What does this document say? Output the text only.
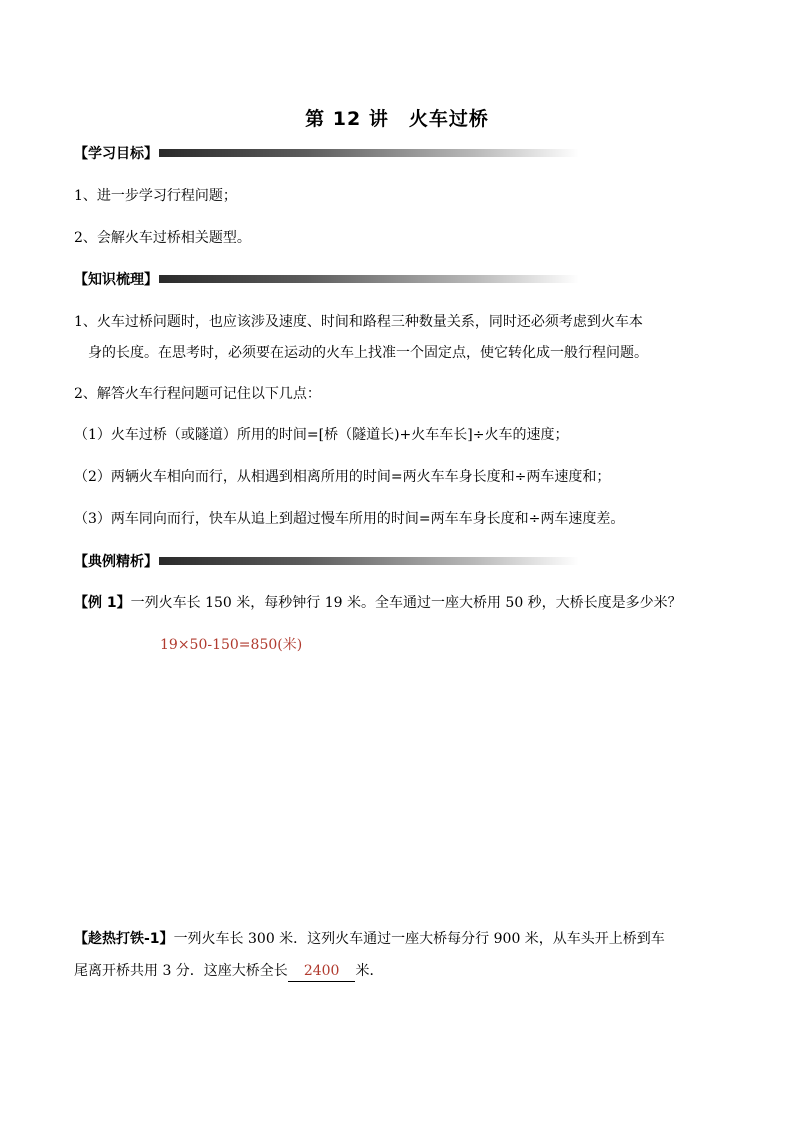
第 12 讲　火车过桥
【学习目标】
1、进一步学习行程问题；
2、会解火车过桥相关题型。
【知识梳理】
1、火车过桥问题时，也应该涉及速度、时间和路程三种数量关系，同时还必须考虑到火车本
身的长度。在思考时，必须要在运动的火车上找准一个固定点，使它转化成一般行程问题。
2、解答火车行程问题可记住以下几点：
（1）火车过桥（或隧道）所用的时间=[桥（隧道长)+火车车长]÷火车的速度；
（2）两辆火车相向而行，从相遇到相离所用的时间=两火车车身长度和÷两车速度和；
（3）两车同向而行，快车从追上到超过慢车所用的时间=两车车身长度和÷两车速度差。
【典例精析】
【例 1】一列火车长 150 米，每秒钟行 19 米。全车通过一座大桥用 50 秒，大桥长度是多少米？
19×50-150=850(米)
【趁热打铁-1】一列火车长 300 米．这列火车通过一座大桥每分行 900 米，从车头开上桥到车
尾离开桥共用 3 分．这座大桥全长 2400 米．
